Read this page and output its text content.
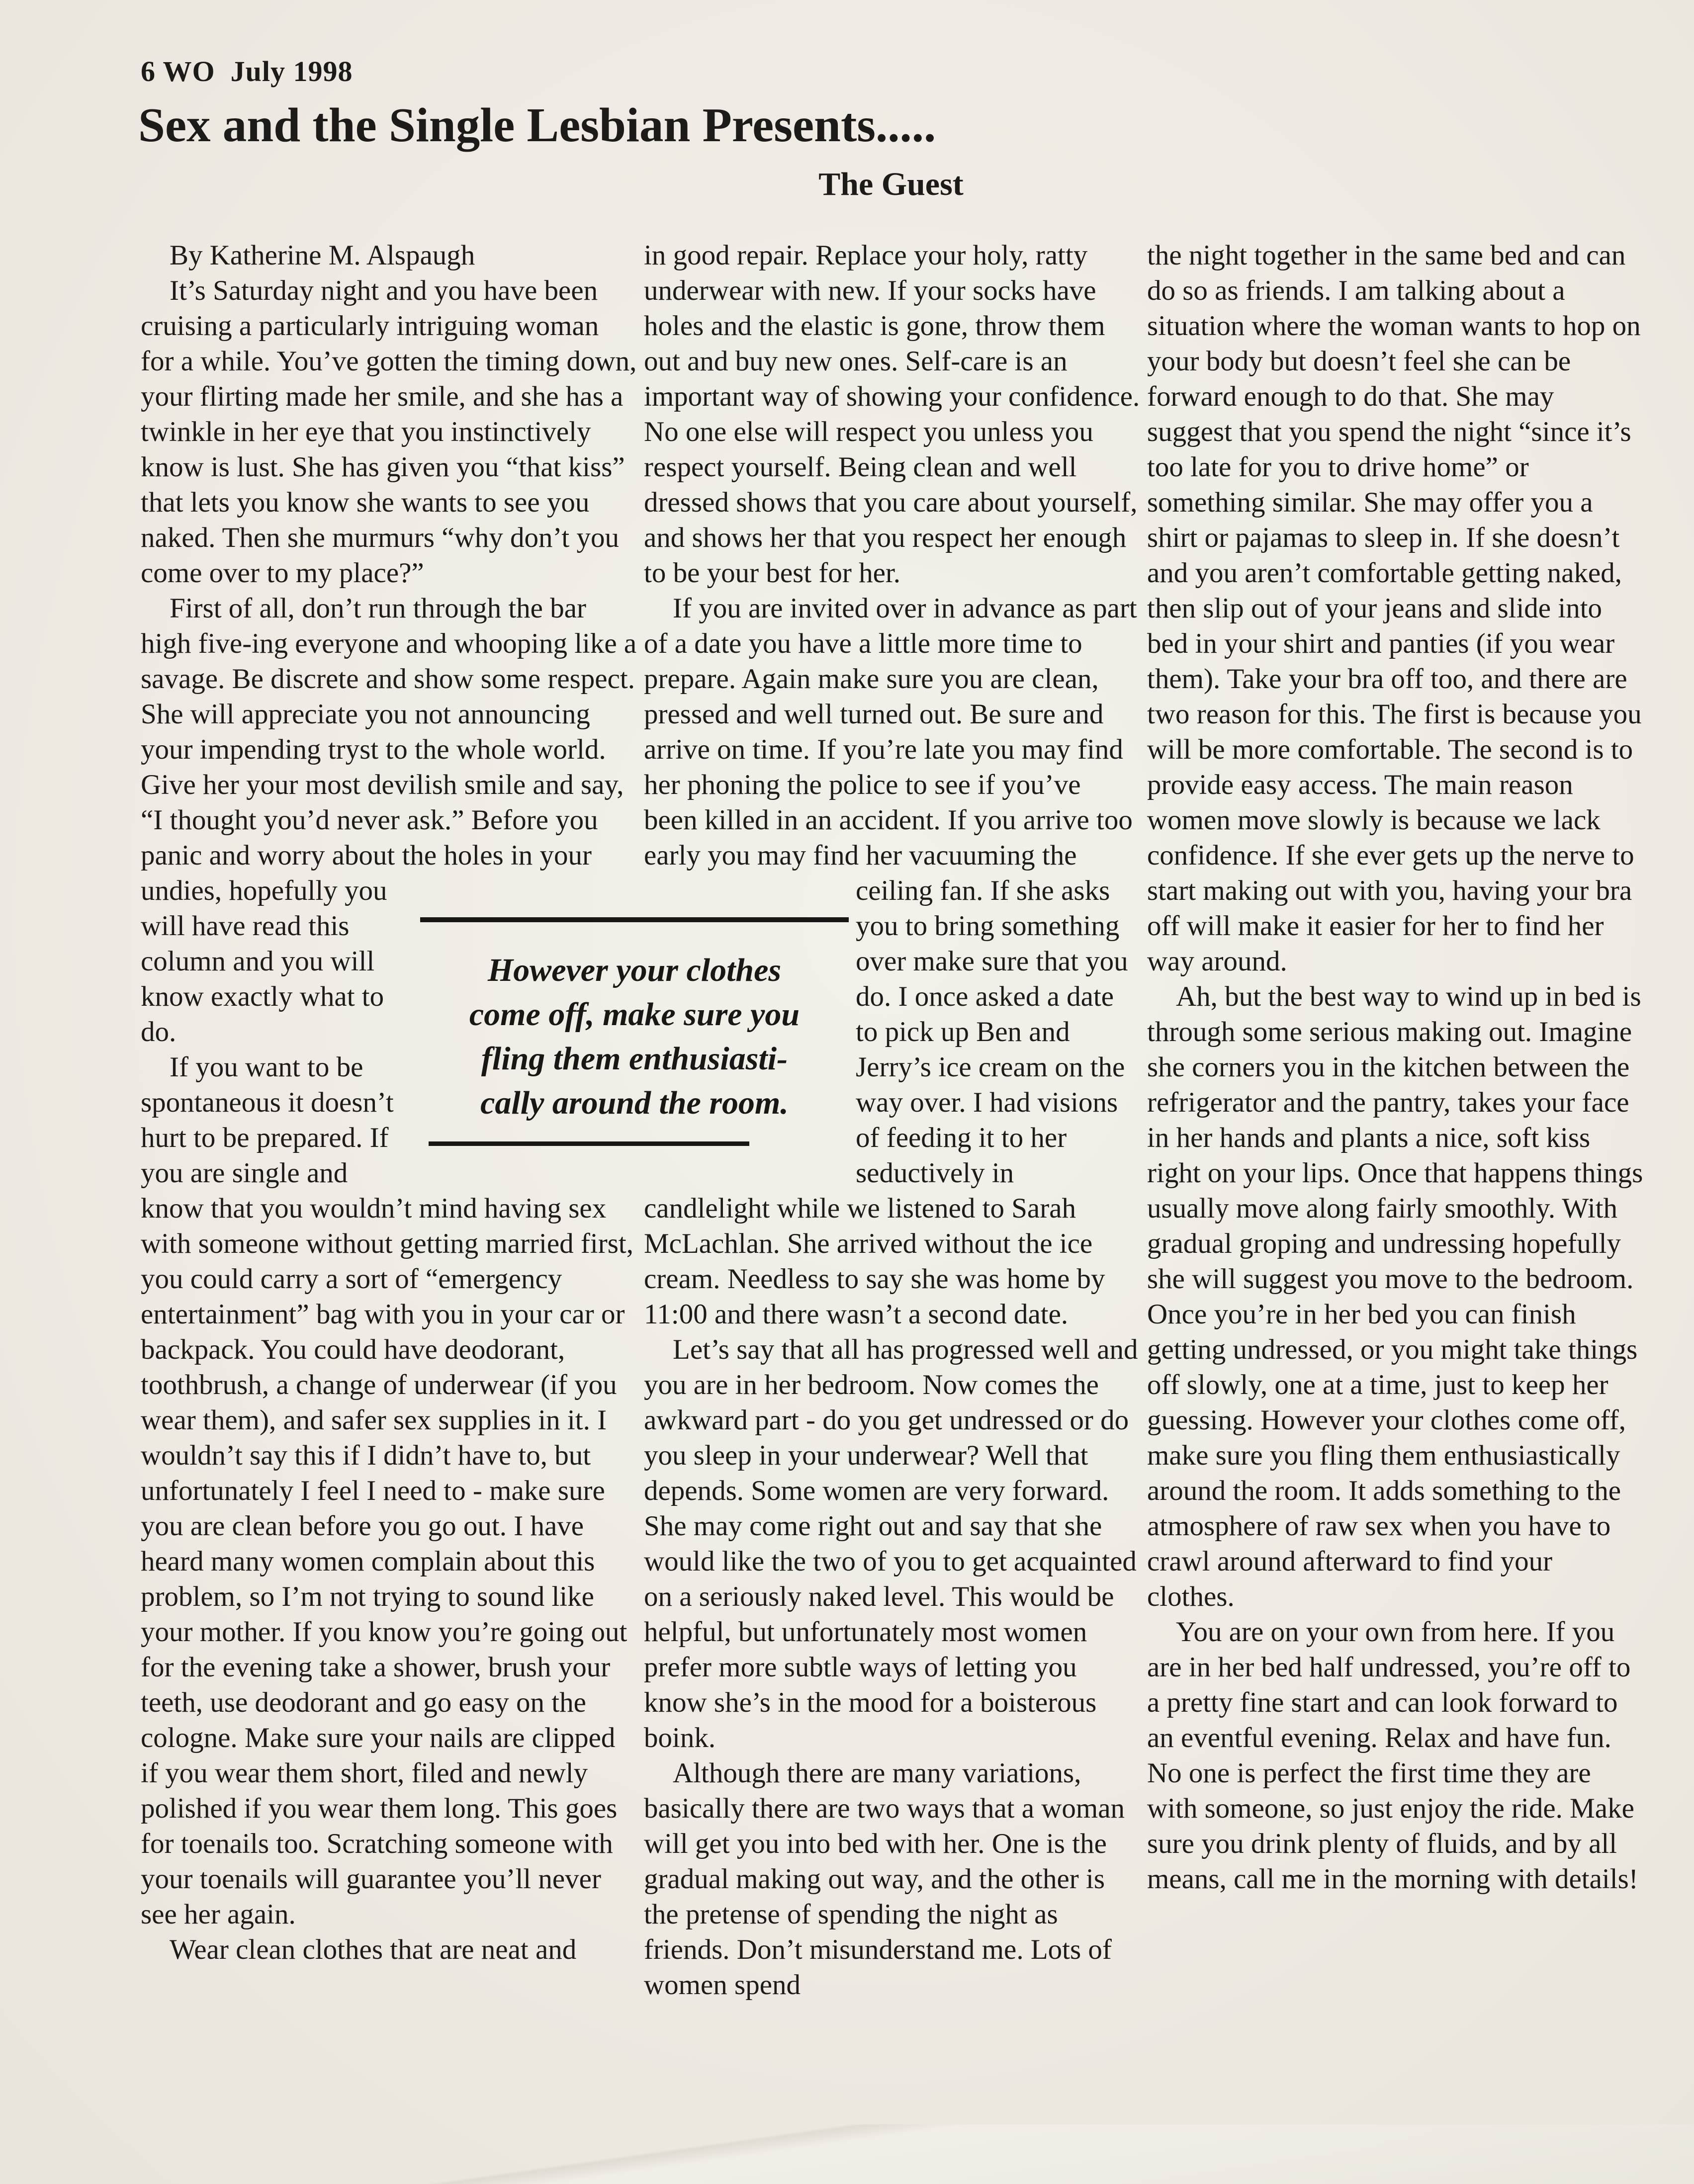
6 WO  July 1998
Sex and the Single Lesbian Presents.....
The Guest

By Katherine M. Alspaugh

It’s Saturday night and you have been cruising a particularly intriguing woman for a while. You’ve gotten the timing down, your flirting made her smile, and she has a twinkle in her eye that you instinctively know is lust. She has given you “that kiss” that lets you know she wants to see you naked. Then she murmurs “why don’t you come over to my place?”

First of all, don’t run through the bar high five-ing everyone and whooping like a savage. Be discrete and show some respect. She will appreciate you not announcing your impending tryst to the whole world. Give her your most devilish smile and say, “I thought you’d never ask.” Before you panic and worry about the holes in your undies, hopefully you will have read this column and you will know exactly what to do.

If you want to be spontaneous it doesn’t hurt to be prepared. If you are single and know that you wouldn’t mind having sex with someone without getting married first, you could carry a sort of “emergency entertainment” bag with you in your car or backpack. You could have deodorant, toothbrush, a change of underwear (if you wear them), and safer sex supplies in it. I wouldn’t say this if I didn’t have to, but unfortunately I feel I need to - make sure you are clean before you go out. I have heard many women complain about this problem, so I’m not trying to sound like your mother. If you know you’re going out for the evening take a shower, brush your teeth, use deodorant and go easy on the cologne. Make sure your nails are clipped if you wear them short, filed and newly polished if you wear them long. This goes for toenails too. Scratching someone with your toenails will guarantee you’ll never see her again.

Wear clean clothes that are neat and

in good repair. Replace your holy, ratty underwear with new. If your socks have holes and the elastic is gone, throw them out and buy new ones. Self-care is an important way of showing your confidence. No one else will respect you unless you respect yourself. Being clean and well dressed shows that you care about yourself, and shows her that you respect her enough to be your best for her.

If you are invited over in advance as part of a date you have a little more time to prepare. Again make sure you are clean, pressed and well turned out. Be sure and arrive on time. If you’re late you may find her phoning the police to see if you’ve been killed in an accident. If you arrive too early you may find her vacuuming the ceiling fan. If she asks you to bring something over make sure that you do. I once asked a date to pick up Ben and Jerry’s ice cream on the way over. I had visions of feeding it to her seductively in candlelight while we listened to Sarah McLachlan. She arrived without the ice cream. Needless to say she was home by 11:00 and there wasn’t a second date.

Let’s say that all has progressed well and you are in her bedroom. Now comes the awkward part - do you get undressed or do you sleep in your underwear? Well that depends. Some women are very forward. She may come right out and say that she would like the two of you to get acquainted on a seriously naked level. This would be helpful, but unfortunately most women prefer more subtle ways of letting you know she’s in the mood for a boisterous boink.

Although there are many variations, basically there are two ways that a woman will get you into bed with her. One is the gradual making out way, and the other is the pretense of spending the night as friends. Don’t misunderstand me. Lots of women spend

the night together in the same bed and can do so as friends. I am talking about a situation where the woman wants to hop on your body but doesn’t feel she can be forward enough to do that. She may suggest that you spend the night “since it’s too late for you to drive home” or something similar. She may offer you a shirt or pajamas to sleep in. If she doesn’t and you aren’t comfortable getting naked, then slip out of your jeans and slide into bed in your shirt and panties (if you wear them). Take your bra off too, and there are two reason for this. The first is because you will be more comfortable. The second is to provide easy access. The main reason women move slowly is because we lack confidence. If she ever gets up the nerve to start making out with you, having your bra off will make it easier for her to find her way around.

Ah, but the best way to wind up in bed is through some serious making out. Imagine she corners you in the kitchen between the refrigerator and the pantry, takes your face in her hands and plants a nice, soft kiss right on your lips. Once that happens things usually move along fairly smoothly. With gradual groping and undressing hopefully she will suggest you move to the bedroom. Once you’re in her bed you can finish getting undressed, or you might take things off slowly, one at a time, just to keep her guessing. However your clothes come off, make sure you fling them enthusiastically around the room. It adds something to the atmosphere of raw sex when you have to crawl around afterward to find your clothes.

You are on your own from here. If you are in her bed half undressed, you’re off to a pretty fine start and can look forward to an eventful evening. Relax and have fun. No one is perfect the first time they are with someone, so just enjoy the ride. Make sure you drink plenty of fluids, and by all means, call me in the morning with details!

However your clothes
come off, make sure you
fling them enthusiasti-
cally around the room.
